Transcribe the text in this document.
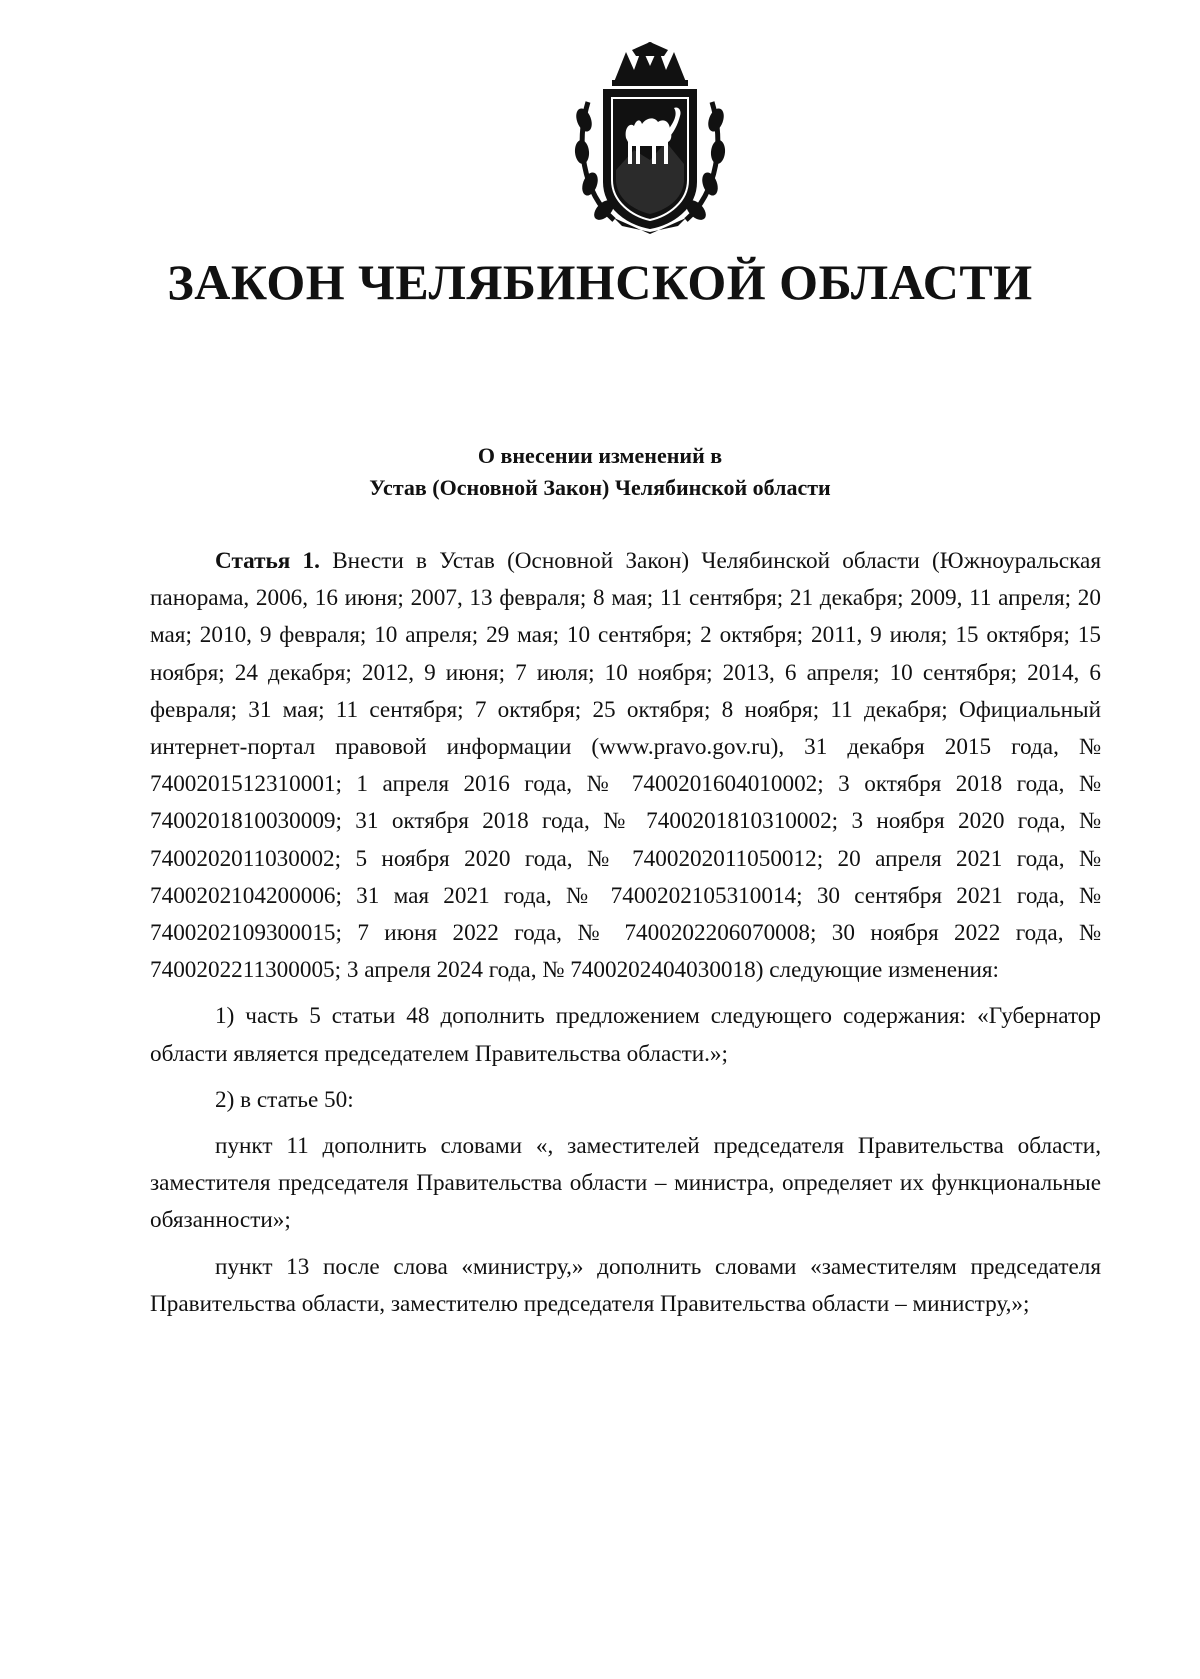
ЗАКОН ЧЕЛЯБИНСКОЙ ОБЛАСТИ
О внесении изменений в
Устав (Основной Закон) Челябинской области

Статья 1. Внести в Устав (Основной Закон) Челябинской области (Южноуральская панорама, 2006, 16 июня; 2007, 13 февраля; 8 мая; 11 сентября; 21 декабря; 2009, 11 апреля; 20 мая; 2010, 9 февраля; 10 апреля; 29 мая; 10 сентября; 2 октября; 2011, 9 июля; 15 октября; 15 ноября; 24 декабря; 2012, 9 июня; 7 июля; 10 ноября; 2013, 6 апреля; 10 сентября; 2014, 6 февраля; 31 мая; 11 сентября; 7 октября; 25 октября; 8 ноября; 11 декабря; Официальный интернет-портал правовой информации (www.pravo.gov.ru), 31 декабря 2015 года, № 7400201512310001; 1 апреля 2016 года, № 7400201604010002; 3 октября 2018 года, № 7400201810030009; 31 октября 2018 года, № 7400201810310002; 3 ноября 2020 года, № 7400202011030002; 5 ноября 2020 года, № 7400202011050012; 20 апреля 2021 года, № 7400202104200006; 31 мая 2021 года, № 7400202105310014; 30 сентября 2021 года, № 7400202109300015; 7 июня 2022 года, № 7400202206070008; 30 ноября 2022 года, № 7400202211300005; 3 апреля 2024 года, № 7400202404030018) следующие изменения:

1) часть 5 статьи 48 дополнить предложением следующего содержания: «Губернатор области является председателем Правительства области.»;

2) в статье 50:

пункт 11 дополнить словами «, заместителей председателя Правительства области, заместителя председателя Правительства области – министра, определяет их функциональные обязанности»;

пункт 13 после слова «министру,» дополнить словами «заместителям председателя Правительства области, заместителю председателя Правительства области – министру,»;
